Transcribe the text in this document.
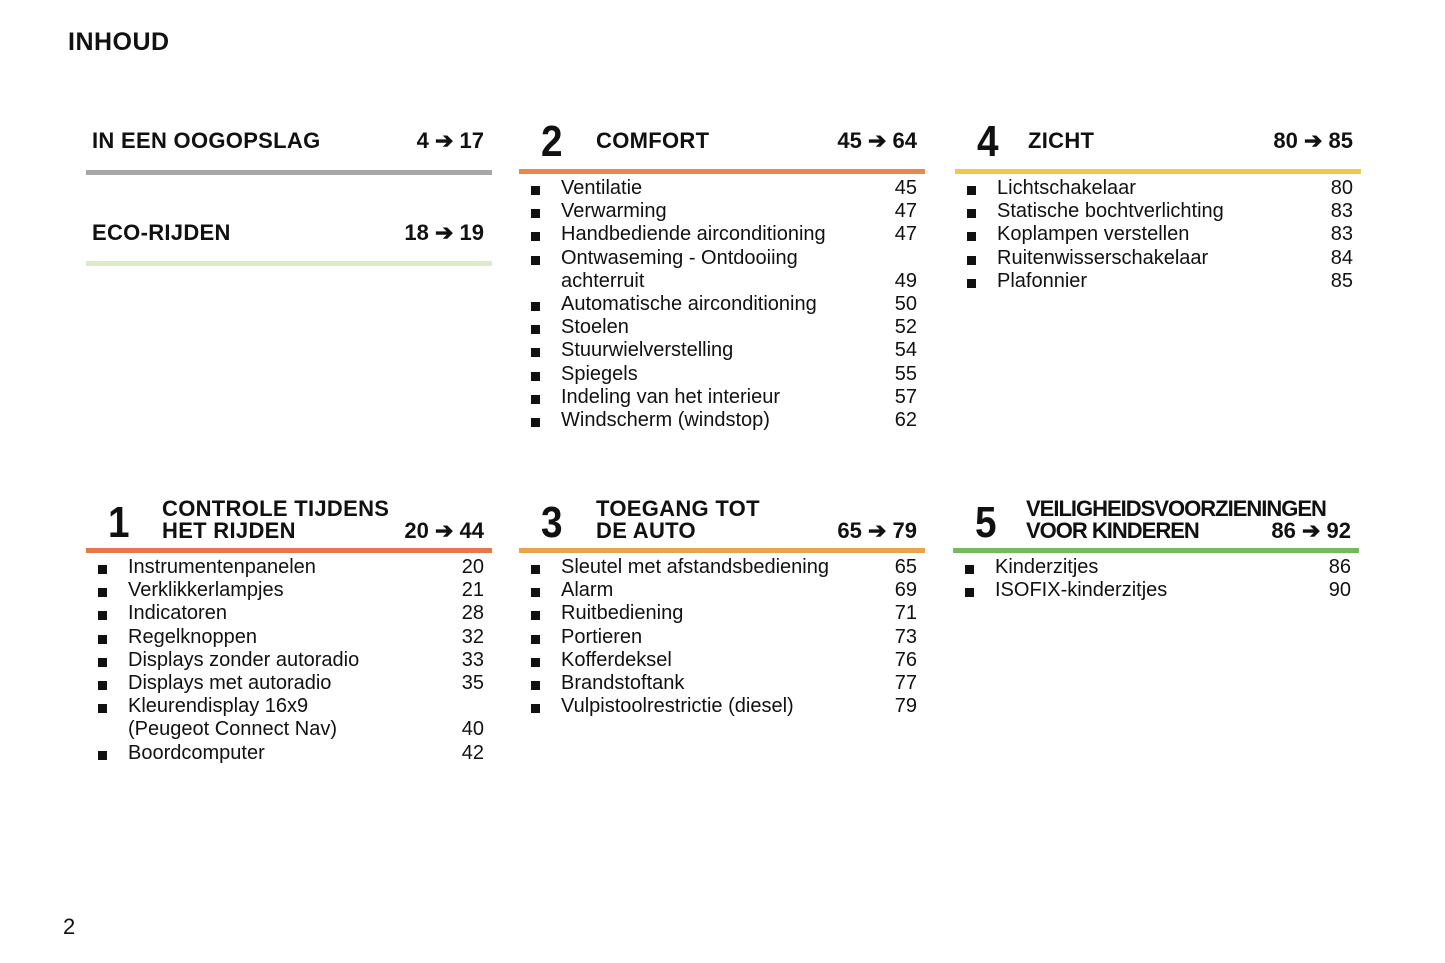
INHOUD
IN EEN OOGOPSLAG	4 ➔ 17
ECO-RIJDEN	18 ➔ 19
2 COMFORT	45 ➔ 64
Ventilatie	45
Verwarming	47
Handbediende airconditioning	47
Ontwaseming - Ontdooiing
achterruit	49
Automatische airconditioning	50
Stoelen	52
Stuurwielverstelling	54
Spiegels	55
Indeling van het interieur	57
Windscherm (windstop)	62
4 ZICHT	80 ➔ 85
Lichtschakelaar	80
Statische bochtverlichting	83
Koplampen verstellen	83
Ruitenwisserschakelaar	84
Plafonnier	85
1 CONTROLE TIJDENS
HET RIJDEN	20 ➔ 44
Instrumentenpanelen	20
Verklikkerlampjes	21
Indicatoren	28
Regelknoppen	32
Displays zonder autoradio	33
Displays met autoradio	35
Kleurendisplay 16x9
(Peugeot Connect Nav)	40
Boordcomputer	42
3 TOEGANG TOT
DE AUTO	65 ➔ 79
Sleutel met afstandsbediening	65
Alarm	69
Ruitbediening	71
Portieren	73
Kofferdeksel	76
Brandstoftank	77
Vulpistoolrestrictie (diesel)	79
5 VEILIGHEIDSVOORZIENINGEN
VOOR KINDEREN	86 ➔ 92
Kinderzitjes	86
ISOFIX-kinderzitjes	90
2
